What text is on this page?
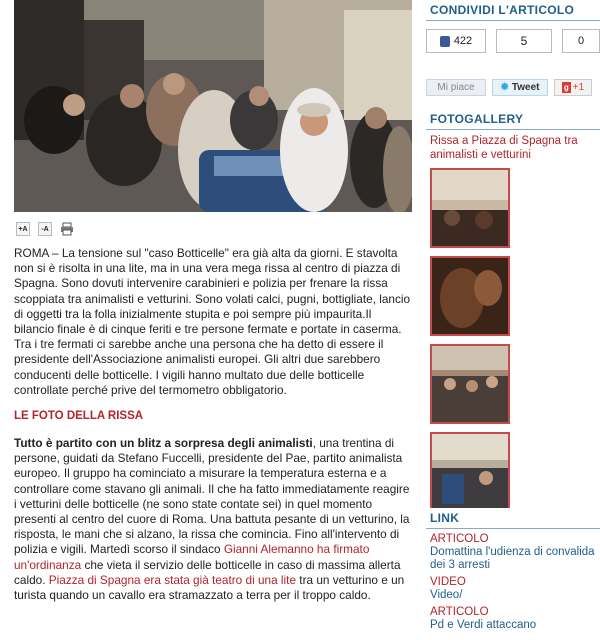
+A	-A

ROMA – La tensione sul "caso Botticelle" era già alta da giorni. E stavolta non si è risolta in una lite, ma in una vera mega rissa al centro di piazza di Spagna. Sono dovuti intervenire carabinieri e polizia per frenare la rissa scoppiata tra animalisti e vetturini. Sono volati calci, pugni, bottigliate, lancio di oggetti tra la folla inizialmente stupita e poi sempre più impaurita.Il bilancio finale è di cinque feriti e tre persone fermate e portate in caserma. Tra i tre fermati ci sarebbe anche una persona che ha detto di essere il presidente dell'Associazione animalisti europei. Gli altri due sarebbero conducenti delle botticelle. I vigili hanno multato due delle botticelle controllate perché prive del termometro obbligatorio.

LE FOTO DELLA RISSA

Tutto è partito con un blitz a sorpresa degli animalisti, una trentina di persone, guidati da Stefano Fuccelli, presidente del Pae, partito animalista europeo. Il gruppo ha cominciato a misurare la temperatura esterna e a controllare come stavano gli animali. Il che ha fatto immediatamente reagire i vetturini delle botticelle (ne sono state contate sei) in quel momento presenti al centro del cuore di Roma. Una battuta pesante di un vetturino, la risposta, le mani che si alzano, la rissa che comincia. Fino all'intervento di polizia e vigili. Martedì scorso il sindaco Gianni Alemanno ha firmato un'ordinanza che vieta il servizio delle botticelle in caso di massima allerta caldo. Piazza di Spagna era stata già teatro di una lite tra un vetturino e un turista quando un cavallo era stramazzato a terra per il troppo caldo.

CONDIVIDI L'ARTICOLO
422	5	0
Mi piace	✹ Tweet	g +1
FOTOGALLERY
Rissa a Piazza di Spagna tra animalisti e vetturini
LINK
ARTICOLO
Domattina l'udienza di convalida dei 3 arresti
VIDEO
Video/
ARTICOLO
Pd e Verdi attaccano
